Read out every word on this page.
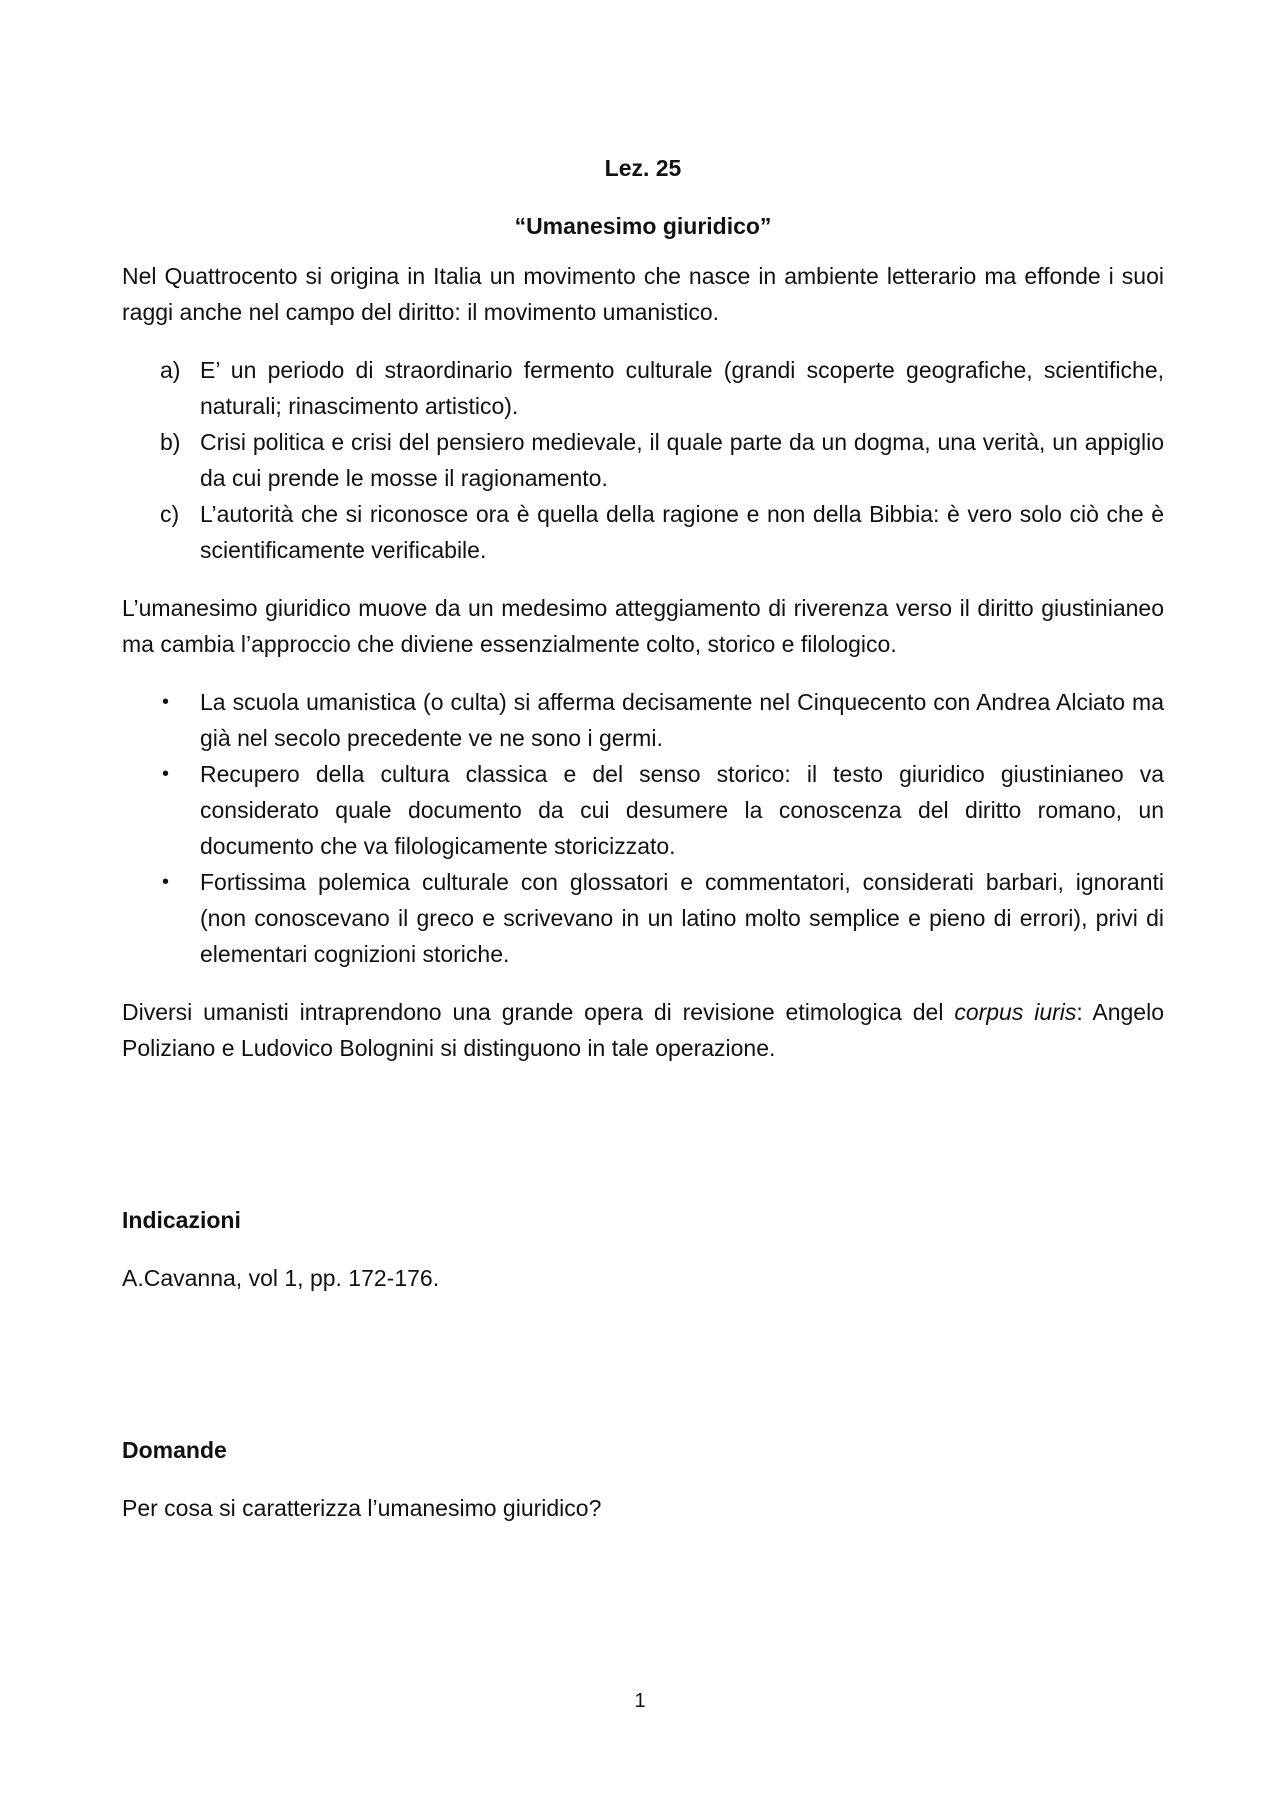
Lez. 25
“Umanesimo giuridico”

Nel Quattrocento si origina in Italia un movimento che nasce in ambiente letterario ma effonde i suoi raggi anche nel campo del diritto: il movimento umanistico.

a) E’ un periodo di straordinario fermento culturale (grandi scoperte geografiche, scientifiche, naturali; rinascimento artistico).
b) Crisi politica e crisi del pensiero medievale, il quale parte da un dogma, una verità, un appiglio da cui prende le mosse il ragionamento.
c) L’autorità che si riconosce ora è quella della ragione e non della Bibbia: è vero solo ciò che è scientificamente verificabile.

L’umanesimo giuridico muove da un medesimo atteggiamento di riverenza verso il diritto giustinianeo ma cambia l’approccio che diviene essenzialmente colto, storico e filologico.

• La scuola umanistica (o culta) si afferma decisamente nel Cinquecento con Andrea Alciato ma già nel secolo precedente ve ne sono i germi.
• Recupero della cultura classica e del senso storico: il testo giuridico giustinianeo va considerato quale documento da cui desumere la conoscenza del diritto romano, un documento che va filologicamente storicizzato.
• Fortissima polemica culturale con glossatori e commentatori, considerati barbari, ignoranti (non conoscevano il greco e scrivevano in un latino molto semplice e pieno di errori), privi di elementari cognizioni storiche.

Diversi umanisti intraprendono una grande opera di revisione etimologica del corpus iuris: Angelo Poliziano e Ludovico Bolognini si distinguono in tale operazione.

Indicazioni

A.Cavanna, vol 1, pp. 172-176.

Domande

Per cosa si caratterizza l’umanesimo giuridico?

1
